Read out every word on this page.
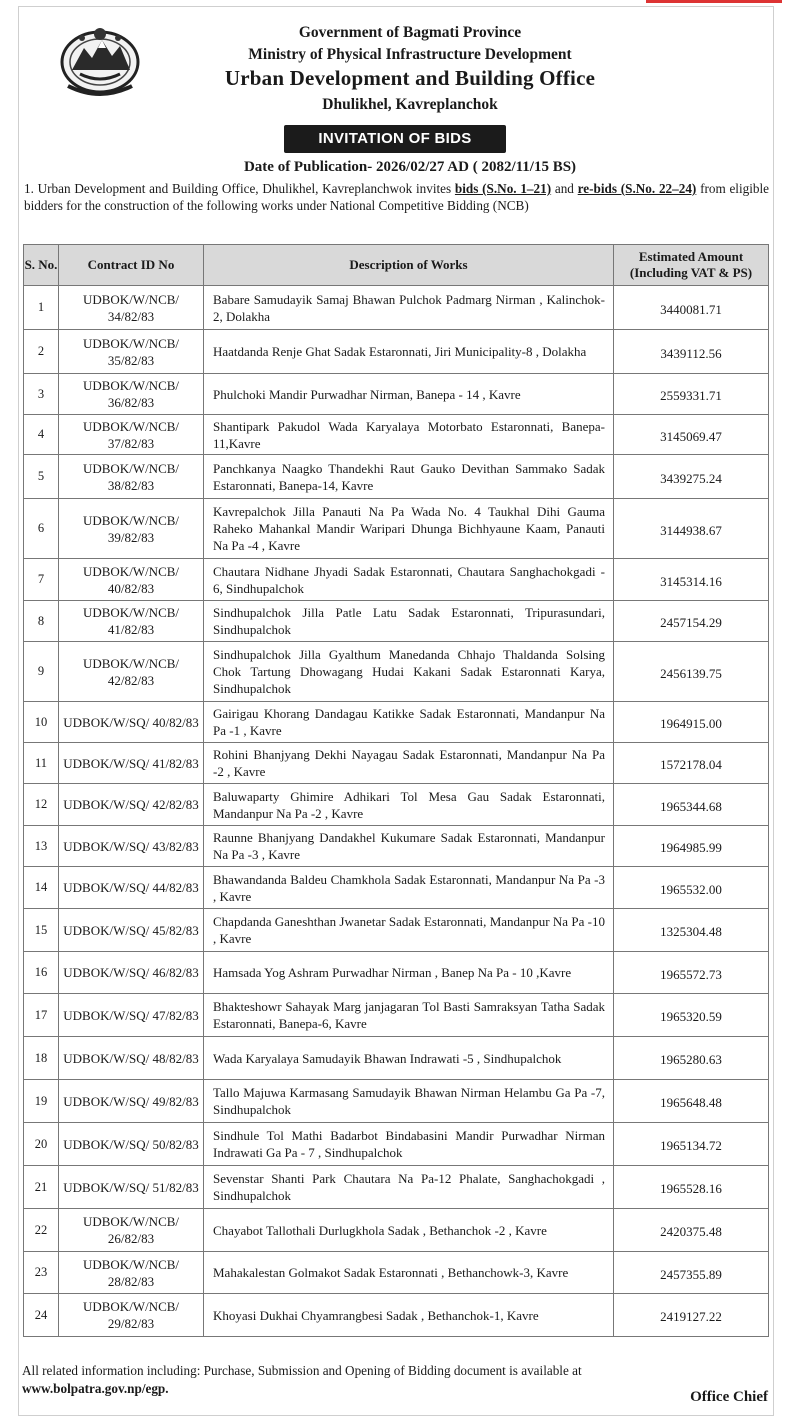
Government of Bagmati Province
Ministry of Physical Infrastructure Development
Urban Development and Building Office
Dhulikhel, Kavreplanchok
INVITATION OF BIDS
Date of Publication- 2026/02/27 AD ( 2082/11/15 BS)
1. Urban Development and Building Office, Dhulikhel, Kavreplanchwok invites bids (S.No. 1–21) and re-bids (S.No. 22–24) from eligible bidders for the construction of the following works under National Competitive Bidding (NCB)
S. No.	Contract ID No	Description of Works	Estimated Amount (Including VAT & PS)
1	UDBOK/W/NCB/ 34/82/83	Babare Samudayik Samaj Bhawan Pulchok Padmarg Nirman , Kalinchok-2, Dolakha	3440081.71
2	UDBOK/W/NCB/ 35/82/83	Haatdanda Renje Ghat Sadak Estaronnati, Jiri Municipality-8 , Dolakha	3439112.56
3	UDBOK/W/NCB/ 36/82/83	Phulchoki Mandir Purwadhar Nirman, Banepa - 14 , Kavre	2559331.71
4	UDBOK/W/NCB/ 37/82/83	Shantipark Pakudol Wada Karyalaya Motorbato Estaronnati, Banepa-11,Kavre	3145069.47
5	UDBOK/W/NCB/ 38/82/83	Panchkanya Naagko Thandekhi Raut Gauko Devithan Sammako Sadak Estaronnati, Banepa-14, Kavre	3439275.24
6	UDBOK/W/NCB/ 39/82/83	Kavrepalchok Jilla Panauti Na Pa Wada No. 4 Taukhal Dihi Gauma Raheko Mahankal Mandir Waripari Dhunga Bichhyaune Kaam, Panauti Na Pa -4 , Kavre	3144938.67
7	UDBOK/W/NCB/ 40/82/83	Chautara Nidhane Jhyadi Sadak Estaronnati, Chautara Sanghachokgadi - 6, Sindhupalchok	3145314.16
8	UDBOK/W/NCB/ 41/82/83	Sindhupalchok Jilla Patle Latu Sadak Estaronnati, Tripurasundari, Sindhupalchok	2457154.29
9	UDBOK/W/NCB/ 42/82/83	Sindhupalchok Jilla Gyalthum Manedanda Chhajo Thaldanda Solsing Chok Tartung Dhowagang Hudai Kakani Sadak Estaronnati Karya, Sindhupalchok	2456139.75
10	UDBOK/W/SQ/ 40/82/83	Gairigau Khorang Dandagau Katikke Sadak Estaronnati, Mandanpur Na Pa -1 , Kavre	1964915.00
11	UDBOK/W/SQ/ 41/82/83	Rohini Bhanjyang Dekhi Nayagau Sadak Estaronnati, Mandanpur Na Pa -2 , Kavre	1572178.04
12	UDBOK/W/SQ/ 42/82/83	Baluwaparty Ghimire Adhikari Tol Mesa Gau Sadak Estaronnati, Mandanpur Na Pa -2 , Kavre	1965344.68
13	UDBOK/W/SQ/ 43/82/83	Raunne Bhanjyang Dandakhel Kukumare Sadak Estaronnati, Mandanpur Na Pa -3 , Kavre	1964985.99
14	UDBOK/W/SQ/ 44/82/83	Bhawandanda Baldeu Chamkhola Sadak Estaronnati, Mandanpur Na Pa -3 , Kavre	1965532.00
15	UDBOK/W/SQ/ 45/82/83	Chapdanda Ganeshthan Jwanetar Sadak Estaronnati, Mandanpur Na Pa -10 , Kavre	1325304.48
16	UDBOK/W/SQ/ 46/82/83	Hamsada Yog Ashram Purwadhar Nirman , Banep Na Pa - 10 ,Kavre	1965572.73
17	UDBOK/W/SQ/ 47/82/83	Bhakteshowr Sahayak Marg janjagaran Tol Basti Samraksyan Tatha Sadak Estaronnati, Banepa-6, Kavre	1965320.59
18	UDBOK/W/SQ/ 48/82/83	Wada Karyalaya Samudayik Bhawan Indrawati -5 , Sindhupalchok	1965280.63
19	UDBOK/W/SQ/ 49/82/83	Tallo Majuwa Karmasang Samudayik Bhawan Nirman Helambu Ga Pa -7, Sindhupalchok	1965648.48
20	UDBOK/W/SQ/ 50/82/83	Sindhule Tol Mathi Badarbot Bindabasini Mandir Purwadhar Nirman Indrawati Ga Pa - 7 , Sindhupalchok	1965134.72
21	UDBOK/W/SQ/ 51/82/83	Sevenstar Shanti Park Chautara Na Pa-12 Phalate, Sanghachokgadi , Sindhupalchok	1965528.16
22	UDBOK/W/NCB/ 26/82/83	Chayabot Tallothali Durlugkhola Sadak , Bethanchok -2 , Kavre	2420375.48
23	UDBOK/W/NCB/ 28/82/83	Mahakalestan Golmakot Sadak Estaronnati , Bethanchowk-3, Kavre	2457355.89
24	UDBOK/W/NCB/ 29/82/83	Khoyasi Dukhai Chyamrangbesi Sadak , Bethanchok-1, Kavre	2419127.22
All related information including: Purchase, Submission and Opening of Bidding document is available at
www.bolpatra.gov.np/egp.
Office Chief
